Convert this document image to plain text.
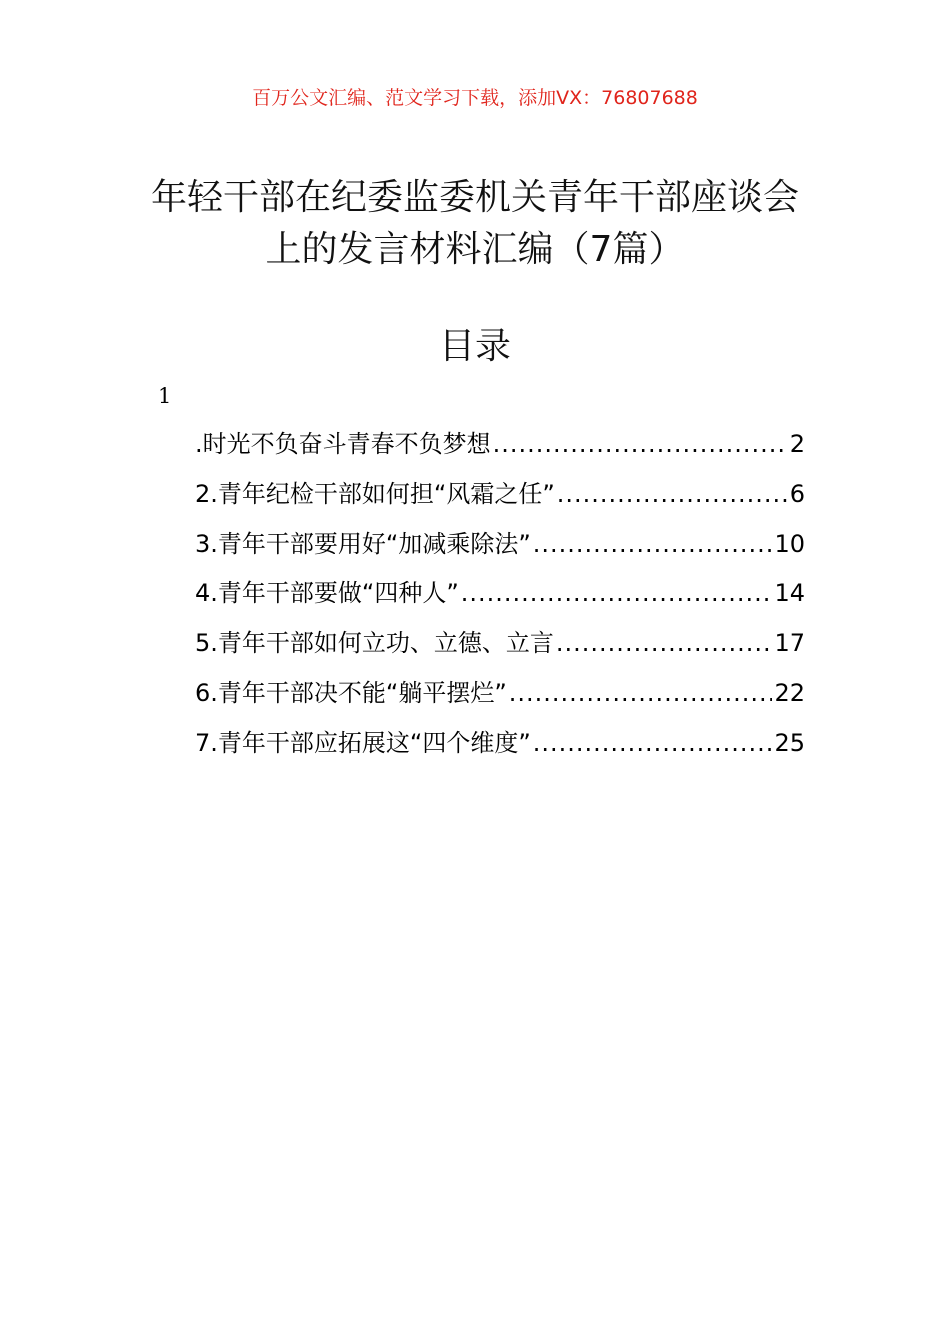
百万公文汇编、范文学习下载，添加VX：76807688
年轻干部在纪委监委机关青年干部座谈会
上的发言材料汇编（7篇）
目录
1
.时光不负奋斗青春不负梦想 .....	2
2.青年纪检干部如何担“风霜之任” .....	6
3.青年干部要用好“加减乘除法” .....	10
4.青年干部要做“四种人” .....	14
5.青年干部如何立功、立德、立言 .....	17
6.青年干部决不能“躺平摆烂” .....	22
7.青年干部应拓展这“四个维度” .....	25
